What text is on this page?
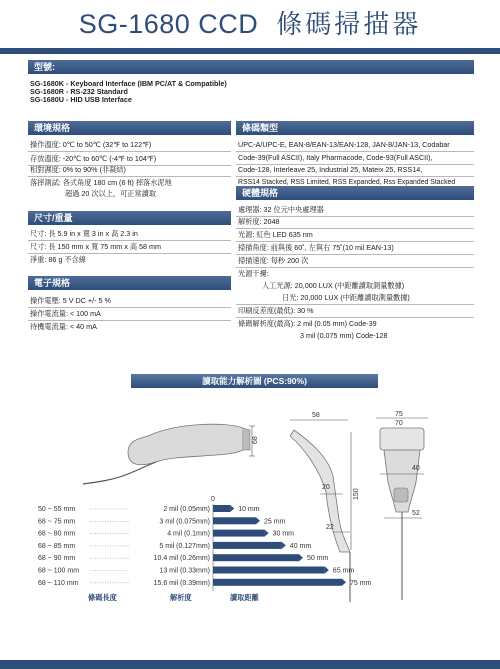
SG-1680 CCD 條碼掃描器
型號:
SG-1680K - Keyboard Interface (IBM PC/AT & Compatible)
SG-1680R - RS-232 Standard
SG-1680U - HID USB Interface
環境規格
操作溫度: 0℃ to 50℃ (32℉ to 122℉)
存放溫度: -20℃ to 60℃ (-4℉ to 104℉)
相對濕度: 0% to 90% (非凝結)
落摔測試: 各式角度 180 cm (6 ft) 摔落水泥地
超過 20 次以上，可正常讀取
尺寸/重量
尺寸: 長 5.9 in x 寬 3 in x 高 2.3 in
尺寸: 長 150 mm x 寬 75 mm x 高 58 mm
淨重: 86 g 不含線
電子規格
操作電壓: 5 V DC +/- 5 %
操作電流量: < 100 mA
待機電流量: < 40 mA
條碼類型
UPC-A/UPC-E, EAN-8/EAN-13/EAN-128, JAN-8/JAN-13, Codabar
Code-39(Full ASCII), Italy Pharmacode, Code-93(Full ASCII),
Code-128, Interleave 25, Industrial 25, Mateix 25, RSS14,
RSS14 Stacked, RSS Limited, RSS Expanded, Rss Expanded Stacked
硬體規格
處理器: 32 位元中央處理器
解析度: 2048
光源: 紅色 LED 635 nm
掃描角度: 前與後 60˚, 左與右 75˚(10 mil EAN-13)
掃描速度: 每秒 200 次
光源干擾:
人工光源: 20,000 LUX (中距離讀取測量數據)
日光: 20,000 LUX (中距離讀取測量數據)
印刷反差度(最低): 30 %
條碼解析度(最高): 2 mil (0.05 mm) Code-39
3 mil (0.075 mm) Code-128
讀取能力解析圖 (PCS:90%)
68
58
20
22
150
75
70
40
52
0
50 ~ 55 mm	2 mil (0.05mm)	10 mm
68 ~ 75 mm	3 mil (0.075mm)	25 mm
68 ~ 80 mm	4 mil (0.1mm)	30 mm
68 ~ 85 mm	5 mil (0.127mm)	40 mm
68 ~ 90 mm	10.4 mil (0.26mm)	50 mm
68 ~ 100 mm	13 mil (0.33mm)	65 mm
68 ~ 110 mm	15.6 mil (0.39mm)	75 mm
條碼長度	解析度	讀取距離
